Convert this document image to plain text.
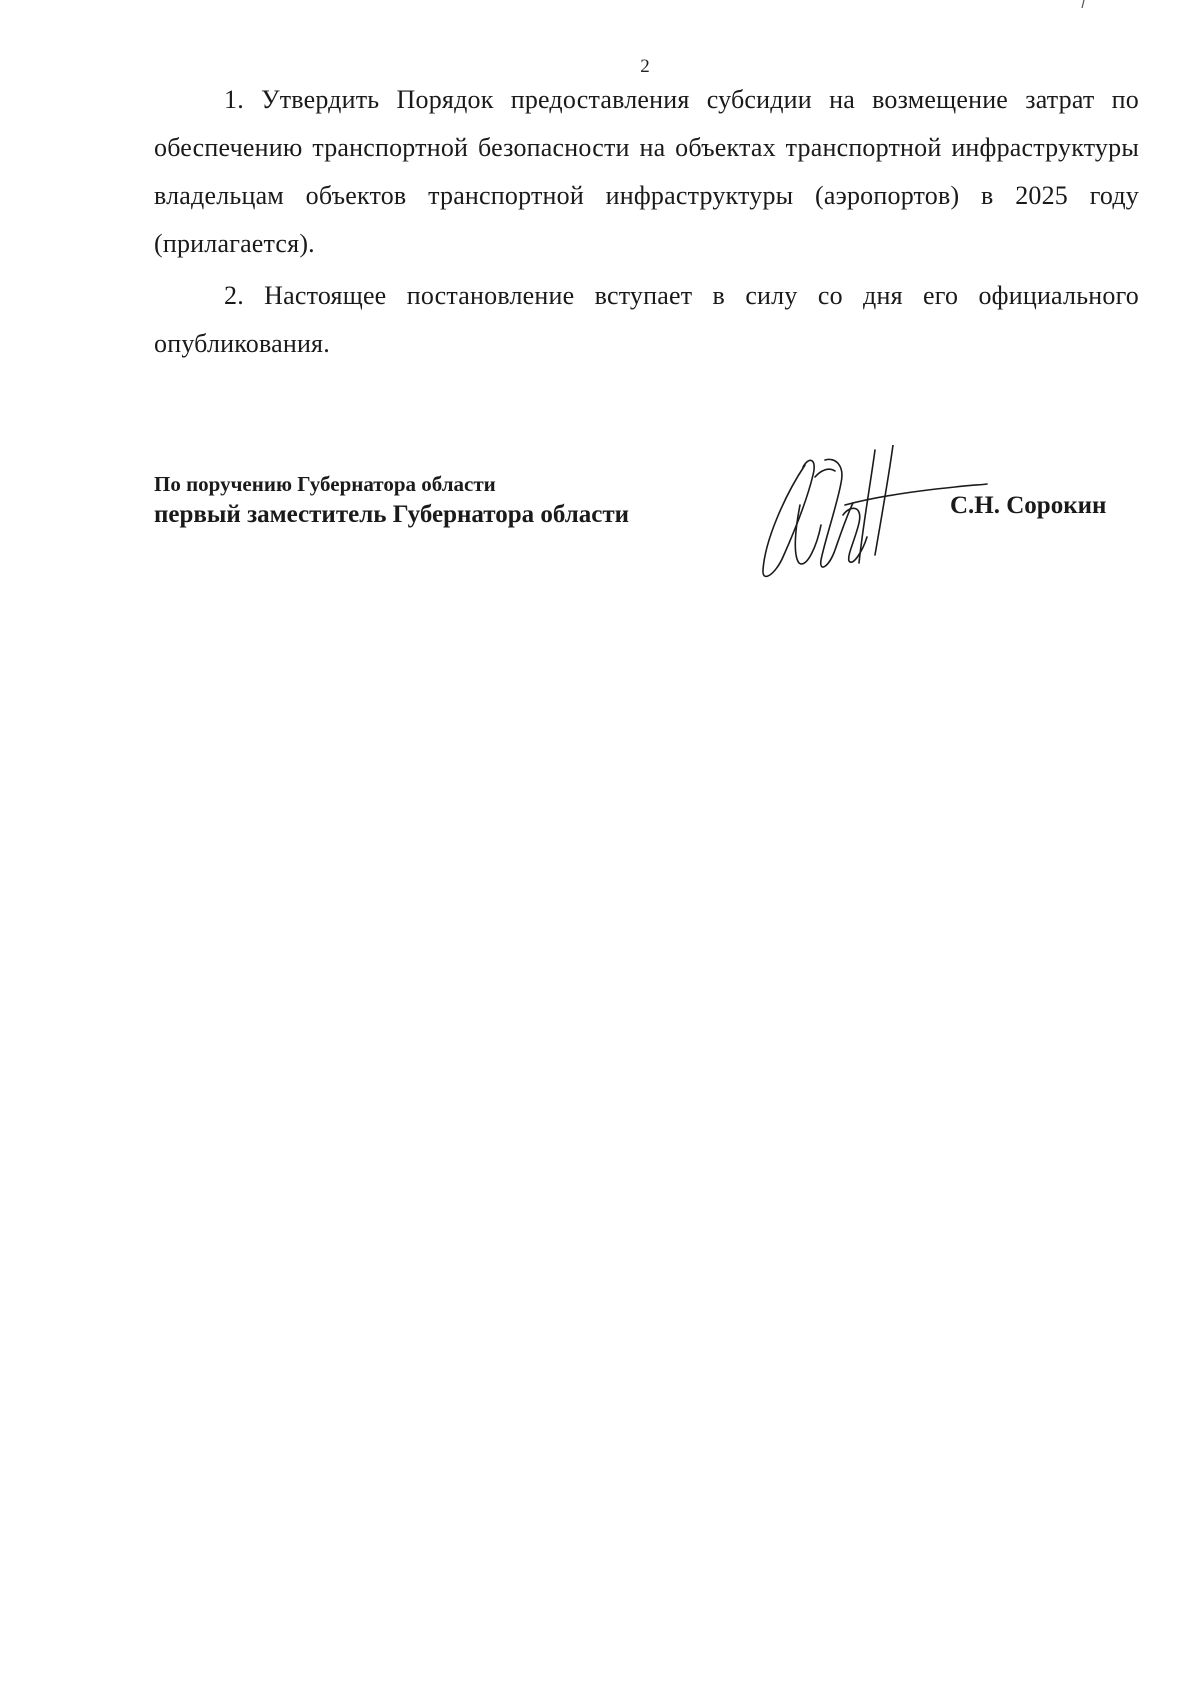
2

1. Утвердить Порядок предоставления субсидии на возмещение затрат по обеспечению транспортной безопасности на объектах транспортной инфраструктуры владельцам объектов транспортной инфраструктуры (аэропортов) в 2025 году (прилагается).

2. Настоящее постановление вступает в силу со дня его официального опубликования.

По поручению Губернатора области
первый заместитель Губернатора области	С.Н. Сорокин
